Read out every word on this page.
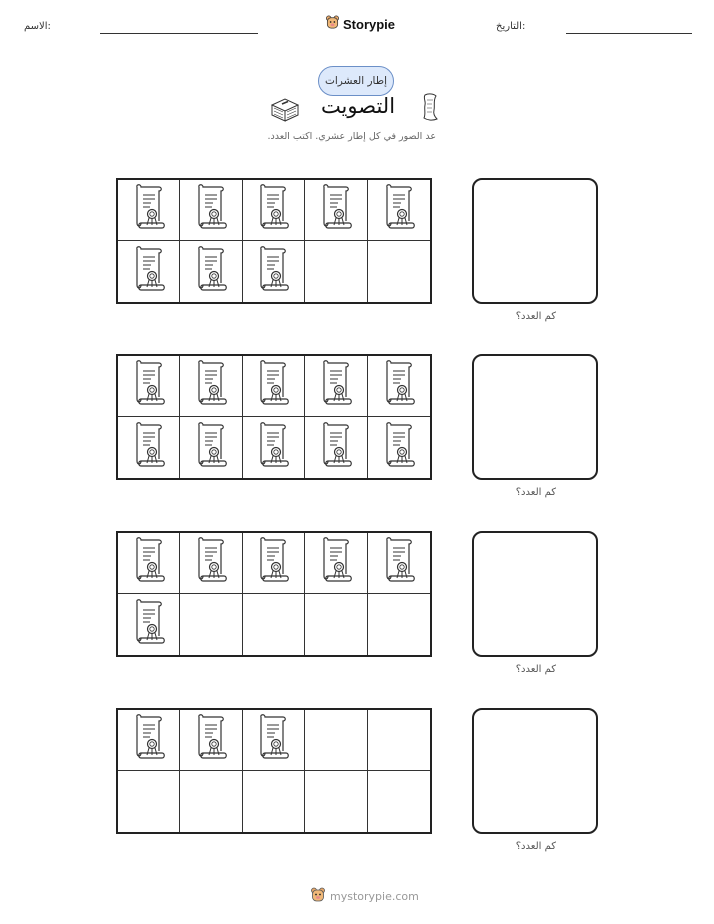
الاسم:	Storypie	التاريخ:
إطار العشرات
التصويت
عد الصور في كل إطار عشري. اكتب العدد.
كم العدد؟
كم العدد؟
كم العدد؟
كم العدد؟
mystorypie.com
